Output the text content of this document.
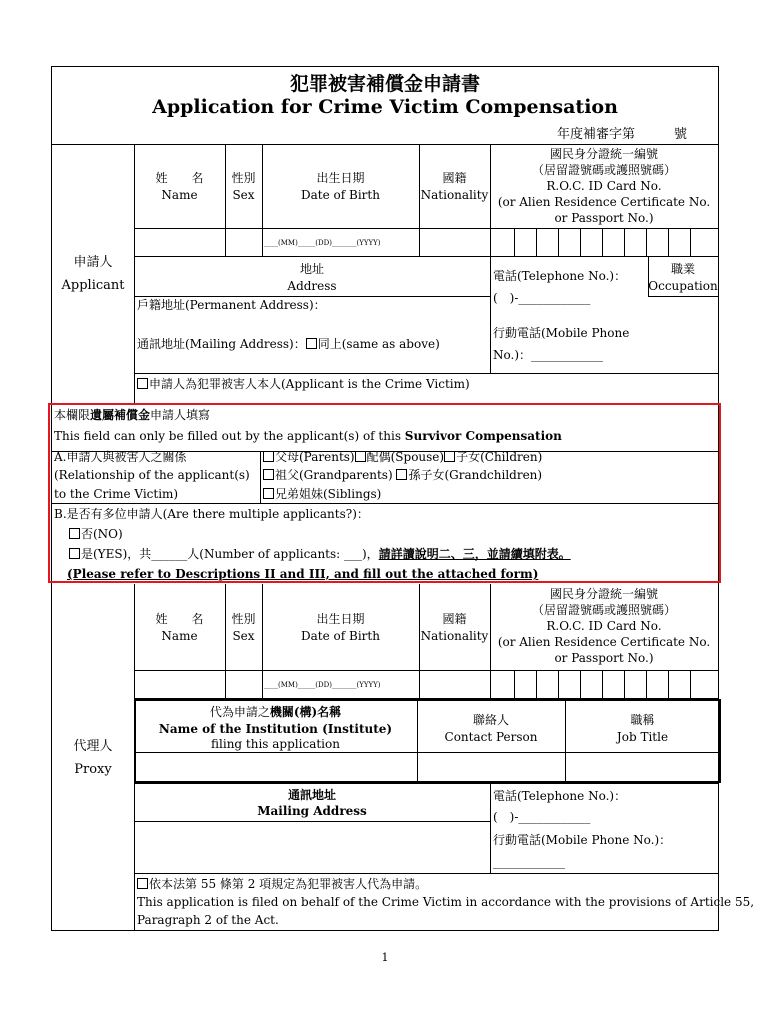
犯罪被害補償金申請書
Application for Crime Victim Compensation
年度補審字第　　　號
申請人
Applicant
姓　　名
Name
性別
Sex
出生日期
Date of Birth
國籍
Nationality
國民身分證統一編號
（居留證號碼或護照號碼）
R.O.C. ID Card No.
(or Alien Residence Certificate No.
or Passport No.)
____(MM)_____(DD)_______(YYYY)
地址
Address
電話(Telephone No.)：
(　)-____________
職業
Occupation
戶籍地址(Permanent Address)：
通訊地址(Mailing Address)： 同上(same as above)
行動電話(Mobile Phone
No.)：____________
申請人為犯罪被害人本人(Applicant is the Crime Victim)
本欄限遺屬補償金申請人填寫
This field can only be filled out by the applicant(s) of this Survivor Compensation
A.申請人與被害人之關係
(Relationship of the applicant(s)
to the Crime Victim)
父母(Parents) 配偶(Spouse) 子女(Children)
祖父(Grandparents) 孫子女(Grandchildren)
兄弟姐妹(Siblings)
B.是否有多位申請人(Are there multiple applicants?)：
否(NO)
是(YES)，共______人(Number of applicants: ___)，請詳讀說明二、三，並請續填附表。
(Please refer to Descriptions II and III, and fill out the attached form)
代理人
Proxy
姓　　名
Name
性別
Sex
出生日期
Date of Birth
國籍
Nationality
國民身分證統一編號
（居留證號碼或護照號碼）
R.O.C. ID Card No.
(or Alien Residence Certificate No.
or Passport No.)
____(MM)_____(DD)_______(YYYY)
代為申請之機關(構)名稱
Name of the Institution (Institute)
filing this application
聯絡人
Contact Person
職稱
Job Title
通訊地址
Mailing Address
電話(Telephone No.)：
(　)-____________
行動電話(Mobile Phone No.)：
____________
依本法第 55 條第 2 項規定為犯罪被害人代為申請。
This application is filed on behalf of the Crime Victim in accordance with the provisions of Article 55,
Paragraph 2 of the Act.
1
